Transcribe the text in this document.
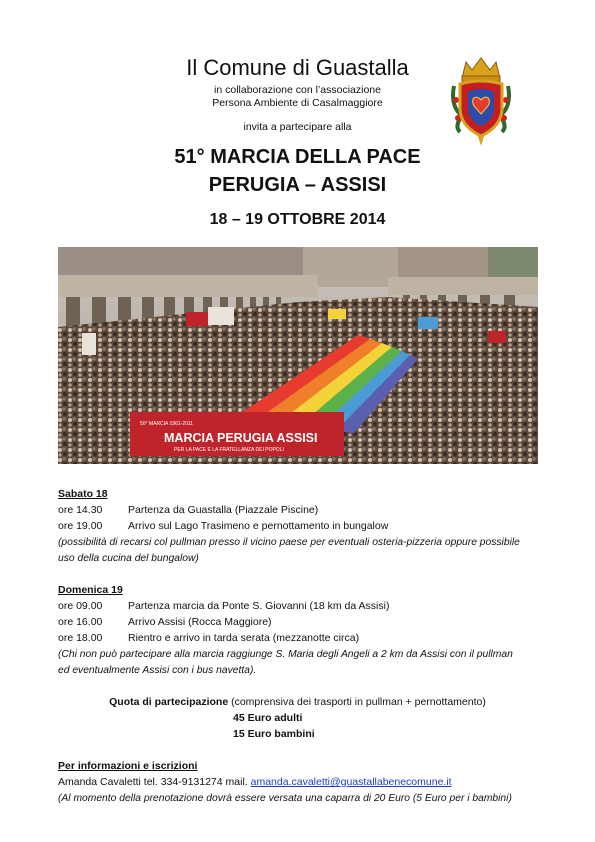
Il Comune di Guastalla
in collaborazione con l’associazione
Persona Ambiente di Casalmaggiore
invita a partecipare alla
51° MARCIA DELLA PACE
PERUGIA – ASSISI
18 – 19 OTTOBRE 2014
50° MARCIA 1961-2011
MARCIA PERUGIA ASSISI
PER LA PACE E LA FRATELLANZA DEI POPOLI
Sabato 18
ore 14.30 Partenza da Guastalla (Piazzale Piscine)
ore 19.00 Arrivo sul Lago Trasimeno e pernottamento in bungalow
(possibilità di recarsi col pullman presso il vicino paese per eventuali osteria-pizzeria oppure possibile
uso della cucina del bungalow)
Domenica 19
ore 09.00 Partenza marcia da Ponte S. Giovanni (18 km da Assisi)
ore 16.00 Arrivo Assisi (Rocca Maggiore)
ore 18.00 Rientro e arrivo in tarda serata (mezzanotte circa)
(Chi non può partecipare alla marcia raggiunge S. Maria degli Angeli a 2 km da Assisi con il pullman
ed eventualmente Assisi con i bus navetta).
Quota di partecipazione (comprensiva dei trasporti in pullman + pernottamento)
45 Euro adulti
15 Euro bambini
Per informazioni e iscrizioni
Amanda Cavaletti tel. 334-9131274 mail. amanda.cavaletti@guastallabenecomune.it
(Al momento della prenotazione dovrà essere versata una caparra di 20 Euro (5 Euro per i bambini)
